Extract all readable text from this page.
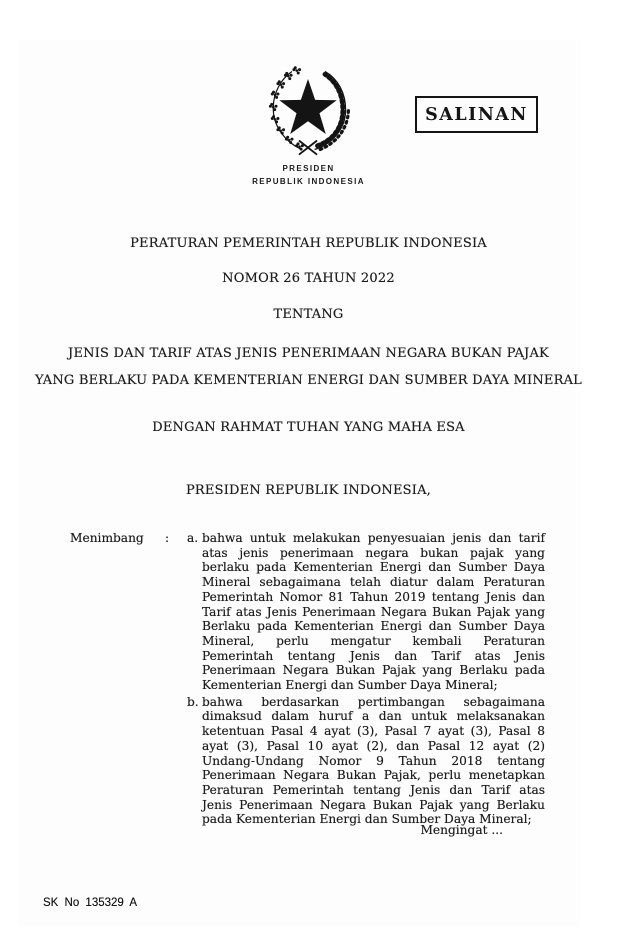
SALINAN
PRESIDEN
REPUBLIK INDONESIA
PERATURAN PEMERINTAH REPUBLIK INDONESIA
NOMOR 26 TAHUN 2022
TENTANG
JENIS DAN TARIF ATAS JENIS PENERIMAAN NEGARA BUKAN PAJAK
YANG BERLAKU PADA KEMENTERIAN ENERGI DAN SUMBER DAYA MINERAL
DENGAN RAHMAT TUHAN YANG MAHA ESA
PRESIDEN REPUBLIK INDONESIA,
Menimbang	:	a. bahwa untuk melakukan penyesuaian jenis dan tarif atas jenis penerimaan negara bukan pajak yang berlaku pada Kementerian Energi dan Sumber Daya Mineral sebagaimana telah diatur dalam Peraturan Pemerintah Nomor 81 Tahun 2019 tentang Jenis dan Tarif atas Jenis Penerimaan Negara Bukan Pajak yang Berlaku pada Kementerian Energi dan Sumber Daya Mineral, perlu mengatur kembali Peraturan Pemerintah tentang Jenis dan Tarif atas Jenis Penerimaan Negara Bukan Pajak yang Berlaku pada Kementerian Energi dan Sumber Daya Mineral;
b. bahwa berdasarkan pertimbangan sebagaimana dimaksud dalam huruf a dan untuk melaksanakan ketentuan Pasal 4 ayat (3), Pasal 7 ayat (3), Pasal 8 ayat (3), Pasal 10 ayat (2), dan Pasal 12 ayat (2) Undang-Undang Nomor 9 Tahun 2018 tentang Penerimaan Negara Bukan Pajak, perlu menetapkan Peraturan Pemerintah tentang Jenis dan Tarif atas Jenis Penerimaan Negara Bukan Pajak yang Berlaku pada Kementerian Energi dan Sumber Daya Mineral;
Mengingat ...
SK No 135329 A
